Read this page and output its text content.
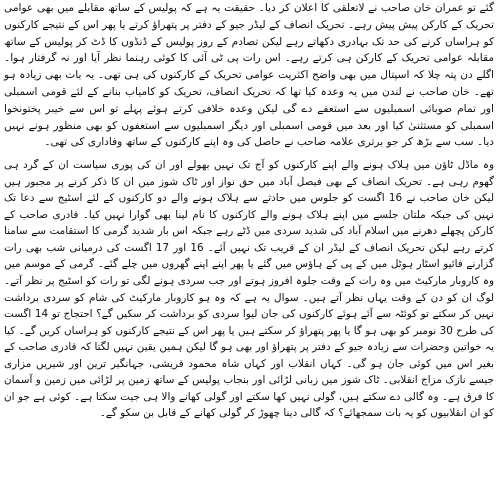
گئے تو عمران خان صاحب نے لاتعلقی کا اعلان کر دیا۔ حقیقت یہ ہے کہ پولیس کے ساتھ مقابلے میں بھی عوامی تحریک کے کارکن پیش پیش رہے۔ تحریک انصاف کے لیڈر جیو کے دفتر پر پتھراؤ کرتے یا پھر اس کے نتیجے کارکنوں کو ہراساں کرنے کی حد تک بہادری دکھاتے رہے لیکن تصادم کے روز پولیس کے ڈنڈوں کا ڈٹ کر پولیس کے ساتھ مقابلہ عوامی تحریک کے کارکن ہی کرتے رہے۔ اس رات پی ٹی آئی کا کوئی رہنما نظر آیا اور نہ گرفتار ہوا۔ اگلے دن پتہ چلا کہ اسپتال میں بھی واضح اکثریت عوامی تحریک کے کارکنوں کی ہی تھی۔ یہ بات بھی زیادہ ہو تھے۔ خان صاحب نے لندن میں یہ وعدہ کیا تھا کہ تحریک انصاف، تحریک کو کامیاب بنانے کے لئے قومی اسمبلی اور تمام صوبائی اسمبلیوں سے استعفے دے گی لیکن وعدہ خلافی کرتے ہوئے پہلے تو اس سے خیبر پختونخوا اسمبلی کو مستثنیٰ کیا اور بعد میں قومی اسمبلی اور دیگر اسمبلیوں سے استعفوں کو بھی منظور ہونے نہیں دیا۔ سب سے بڑھ کر جو برتری علامہ صاحب نے حاصل کی وہ اپنے کارکنوں کے ساتھ وفاداری کی تھی۔

وہ ماڈل ٹاؤن میں ہلاک ہونے والے اپنے کارکنوں کو آج تک نہیں بھولے اور ان کی پوری سیاست ان کے گرد ہی گھوم رہی ہے۔ تحریک انصاف کے بھی فیصل آباد میں حق نواز اور ٹاک شوز میں ان کا ذکر کرنے پر مجبور ہیں لیکن خان صاحب نے 16 اگست کو جلوس میں حادثے سے ہلاک ہونے والے دو کارکنوں کے لئے اسٹیج سے دعا تک نہیں کی جبکہ ملتان جلسے میں اپنے ہلاک ہونے والے کارکنوں کا نام لینا بھی گوارا نہیں کیا۔ قادری صاحب کے کارکن پچھلے دھرنے میں اسلام آباد کی شدید سردی میں ڈٹے رہے جبکہ اس بار شدید گرمی کا استقامت سے سامنا کرتے رہے لیکن تحریک انصاف کے لیڈر ان کے قریب تک نہیں آئے۔ 16 اور 17 اگست کی درمیانی شب بھی رات گزارنے فائیو اسٹار ہوٹل میں کے پی کے ہاؤس میں گئے یا پھر اپنے اپنے گھروں میں چلے گئے۔ گرمی کے موسم میں وہ کاروبار مارکیٹ میں وہ رات کے وقت جلوہ افروز ہوتے اور جب سردی ہونے لگی تو رات کو اسٹیج پر نظر آتے۔ لوگ ان کو دن کے وقت یہاں نظر آتے ہیں۔ سوال یہ ہے کہ وہ ہو کاروبار مارکیٹ کی شام کو سردی برداشت نہیں کر سکتے تو کوئٹہ سے آئے ہوئے کارکنوں کی جان لیوا سردی کو برداشت کر سکیں گے؟ احتجاج تو 14 اگست کی طرح 30 نومبر کو بھی ہو گا یا پھر پتھراؤ کر سکتے ہیں یا پھر اس کے نتیجے کارکنوں کو ہراساں کریں گے۔ کیا یہ خواتین وحضرات سے زیادہ جیو کے دفتر پر پتھراؤ اور بھی ہو گا لیکن ہمیں یقین نہیں لگتا کہ قادری صاحب کے بغیر اس میں کوئی جان ہو گی۔ کہاں انقلاب اور کہاں شاہ محمود قریشی، جہانگیر ترین اور شیریں مزاری جیسے نازک مزاج انقلابی۔ ٹاک شوز میں زبانی لڑائی اور بنجاب پولیس کے ساتھ زمین پر لڑائی میں زمین و آسمان کا فرق ہے۔ وہ گالی دے سکتے ہیں، گولی نہیں کھا سکتے اور گولی کھانے والا ہی جیت سکتا ہے۔ کوئی ہے جو ان کو ان انقلابیوں کو یہ بات سمجھائے؟ کہ گالی دینا چھوڑ کر گولی کھانے کے قابل بن سکو گے۔
